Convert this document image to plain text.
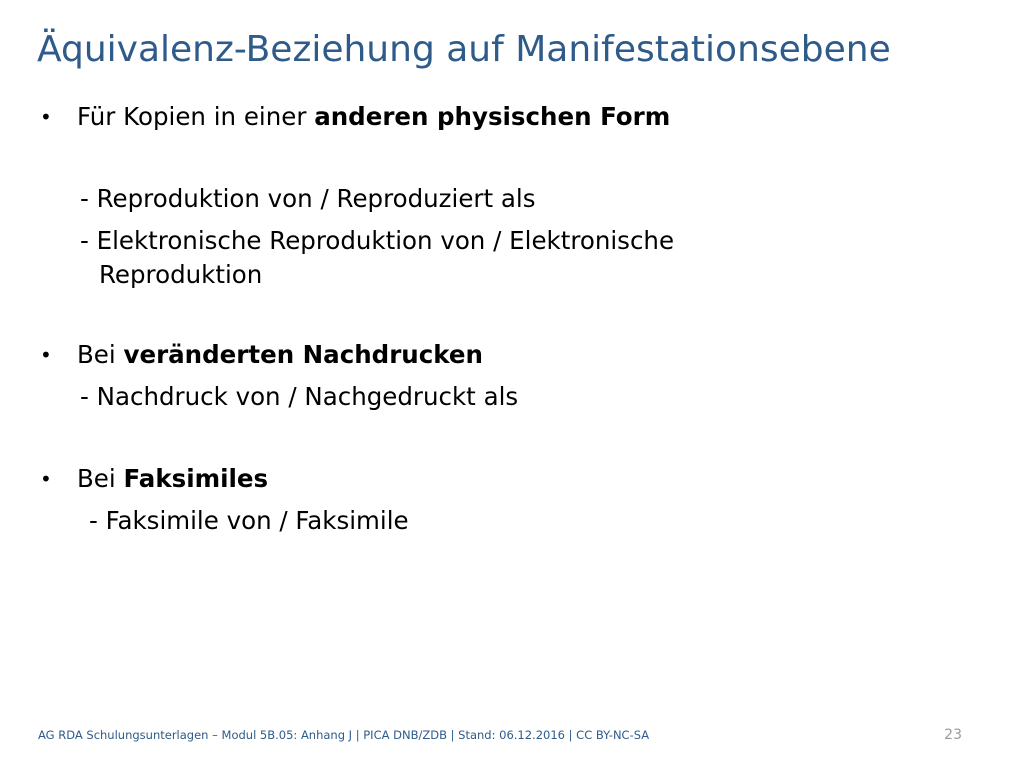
Äquivalenz-Beziehung auf Manifestationsebene
• Für Kopien in einer anderen physischen Form
- Reproduktion von / Reproduziert als
- Elektronische Reproduktion von / Elektronische
Reproduktion
• Bei veränderten Nachdrucken
- Nachdruck von / Nachgedruckt als
• Bei Faksimiles
- Faksimile von / Faksimile
AG RDA Schulungsunterlagen – Modul 5B.05: Anhang J | PICA DNB/ZDB | Stand: 06.12.2016 | CC BY-NC-SA	23
